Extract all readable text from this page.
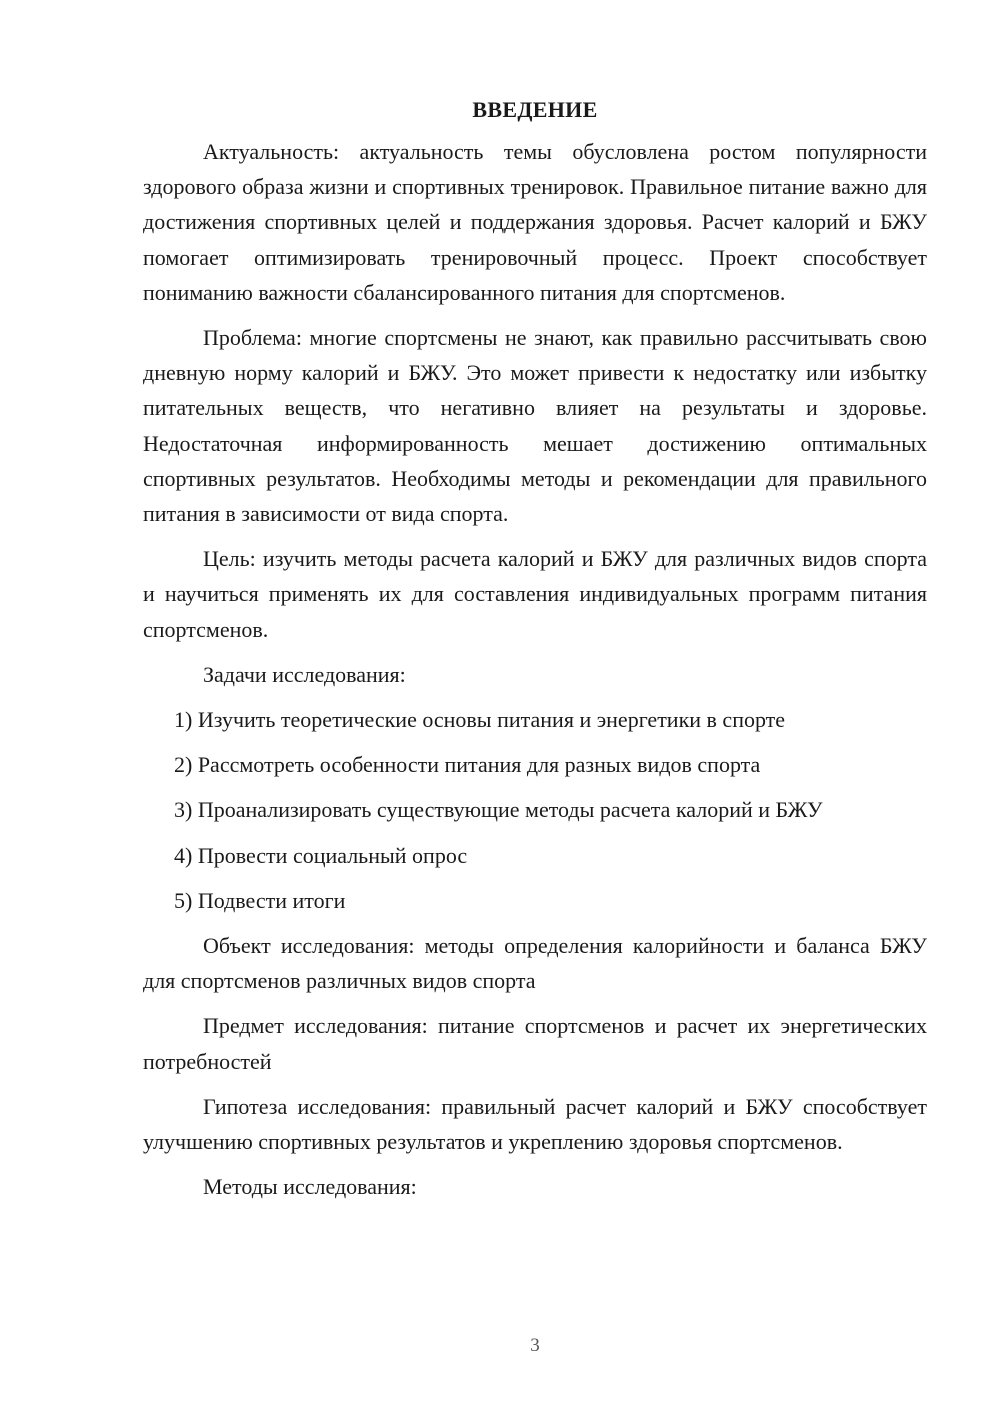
ВВЕДЕНИЕ

Актуальность: актуальность темы обусловлена ростом популярности здорового образа жизни и спортивных тренировок. Правильное питание важно для достижения спортивных целей и поддержания здоровья. Расчет калорий и БЖУ помогает оптимизировать тренировочный процесс. Проект способствует пониманию важности сбалансированного питания для спортсменов.

Проблема: многие спортсмены не знают, как правильно рассчитывать свою дневную норму калорий и БЖУ. Это может привести к недостатку или избытку питательных веществ, что негативно влияет на результаты и здоровье. Недостаточная информированность мешает достижению оптимальных спортивных результатов. Необходимы методы и рекомендации для правильного питания в зависимости от вида спорта.

Цель: изучить методы расчета калорий и БЖУ для различных видов спорта и научиться применять их для составления индивидуальных программ питания спортсменов.

Задачи исследования:

1) Изучить теоретические основы питания и энергетики в спорте
2) Рассмотреть особенности питания для разных видов спорта
3) Проанализировать существующие методы расчета калорий и БЖУ
4) Провести социальный опрос
5) Подвести итоги

Объект исследования: методы определения калорийности и баланса БЖУ для спортсменов различных видов спорта

Предмет исследования: питание спортсменов и расчет их энергетических потребностей

Гипотеза исследования: правильный расчет калорий и БЖУ способствует улучшению спортивных результатов и укреплению здоровья спортсменов.

Методы исследования:

3
